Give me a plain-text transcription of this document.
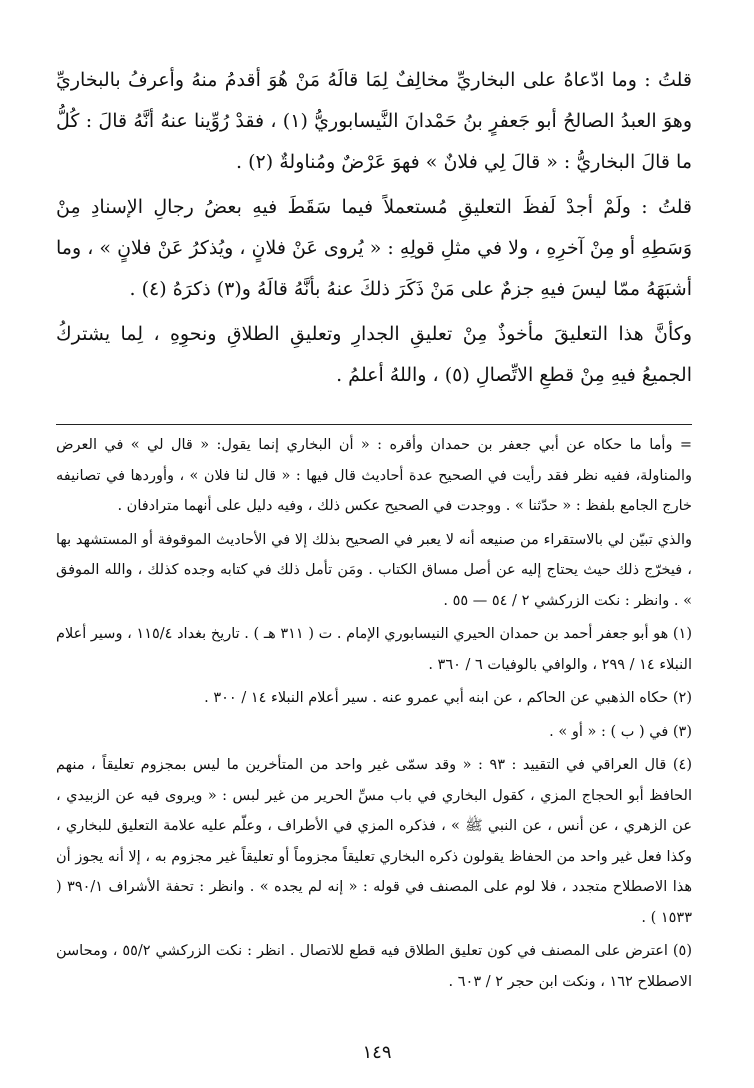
قلتُ : وما ادّعاهُ على البخاريِّ مخالِفٌ لِمَا قالَهُ مَنْ هُوَ أقدمُ منهُ وأعرفُ بالبخاريِّ وهوَ العبدُ الصالحُ أبو جَعفرٍ بنُ حَمْدانَ النَّيسابوريُّ (١) ، فقدْ رُوِّينا عنهُ أنَّهُ قالَ : كُلُّ ما قالَ البخاريُّ : « قالَ لِي فلانٌ » فهوَ عَرْضٌ ومُناولةٌ (٢) .

قلتُ : ولَمْ أجدْ لَفظَ التعليقِ مُستعملاً فيما سَقَطَ فيهِ بعضُ رجالِ الإسنادِ مِنْ وَسَطِهِ أو مِنْ آخرِهِ ، ولا في مثلِ قولِهِ : « يُروى عَنْ فلانٍ ، ويُذكرُ عَنْ فلانٍ » ، وما أشبَهَهُ ممّا ليسَ فيهِ جزمٌ على مَنْ ذَكَرَ ذلكَ عنهُ بأنَّهُ قالَهُ و(٣) ذكرَهُ (٤) .

وكأنَّ هذا التعليقَ مأخوذٌ مِنْ تعليقِ الجدارِ وتعليقِ الطلاقِ ونحوِهِ ، لِما يشتركُ الجميعُ فيهِ مِنْ قطعِ الاتِّصالِ (٥) ، واللهُ أعلمُ .

= وأما ما حكاه عن أبي جعفر بن حمدان وأقره : « أن البخاري إنما يقول: « قال لي » في العرض والمناولة، ففيه نظر فقد رأيت في الصحيح عدة أحاديث قال فيها : « قال لنا فلان » ، وأوردها في تصانيفه خارج الجامع بلفظ : « حدّثنا » . ووجدت في الصحيح عكس ذلك ، وفيه دليل على أنهما مترادفان .

والذي تبيّن لي بالاستقراء من صنيعه أنه لا يعبر في الصحيح بذلك إلا في الأحاديث الموقوفة أو المستشهد بها ، فيخرّج ذلك حيث يحتاج إليه عن أصل مساق الكتاب . ومَن تأمل ذلك في كتابه وجده كذلك ، والله الموفق » . وانظر : نكت الزركشي ٢ / ٥٤ — ٥٥ .

(١) هو أبو جعفر أحمد بن حمدان الحيري النيسابوري الإمام . ت ( ٣١١ هـ ) . تاريخ بغداد ١١٥/٤ ، وسير أعلام النبلاء ١٤ / ٢٩٩ ، والوافي بالوفيات ٦ / ٣٦٠ .

(٢) حكاه الذهبي عن الحاكم ، عن ابنه أبي عمرو عنه . سير أعلام النبلاء ١٤ / ٣٠٠ .

(٣) في ( ب ) : « أو » .

(٤) قال العراقي في التقييد : ٩٣ : « وقد سمّى غير واحد من المتأخرين ما ليس بمجزوم تعليقاً ، منهم الحافظ أبو الحجاج المزي ، كقول البخاري في باب مسِّ الحرير من غير لبس : « ويروى فيه عن الزبيدي ، عن الزهري ، عن أنس ، عن النبي ﷺ » ، فذكره المزي في الأطراف ، وعلّم عليه علامة التعليق للبخاري ، وكذا فعل غير واحد من الحفاظ يقولون ذكره البخاري تعليقاً مجزوماً أو تعليقاً غير مجزوم به ، إلا أنه يجوز أن هذا الاصطلاح متجدد ، فلا لوم على المصنف في قوله : « إنه لم يجده » . وانظر : تحفة الأشراف ٣٩٠/١ ( ١٥٣٣ ) .

(٥) اعترض على المصنف في كون تعليق الطلاق فيه قطع للاتصال . انظر : نكت الزركشي ٥٥/٢ ، ومحاسن الاصطلاح ١٦٢ ، ونكت ابن حجر ٢ / ٦٠٣ .

١٤٩
